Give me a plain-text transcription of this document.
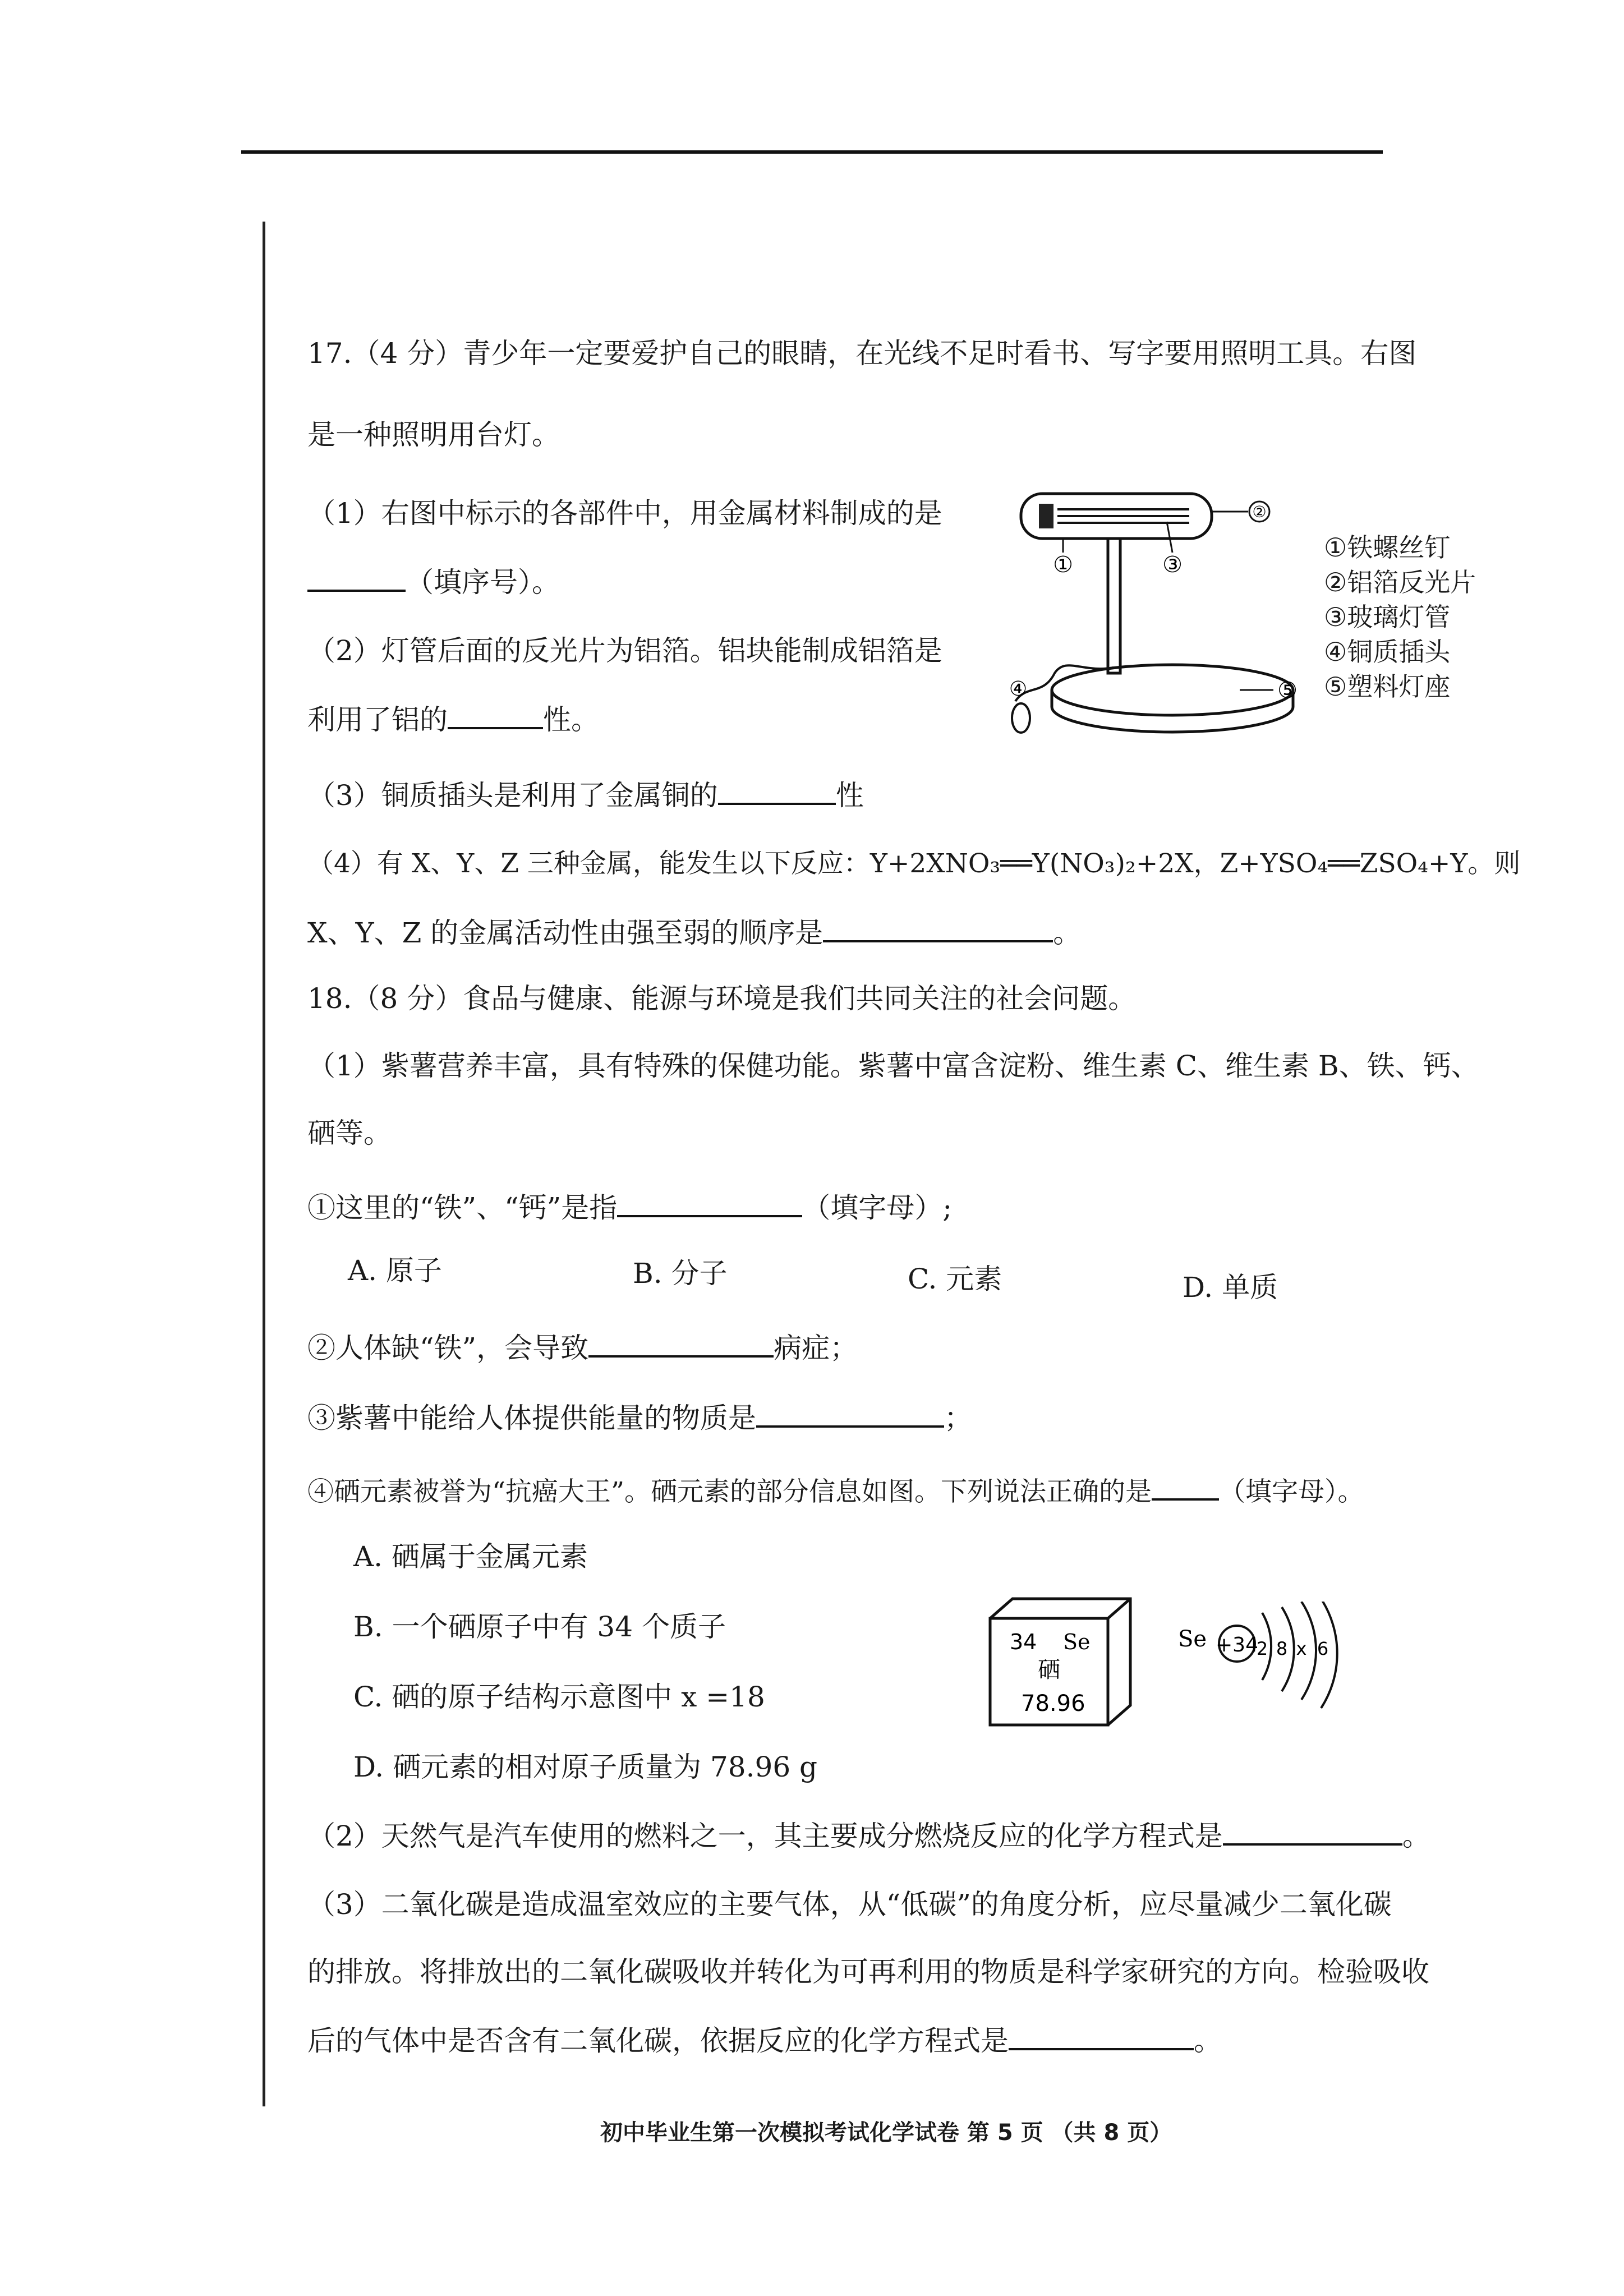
17.（4 分）青少年一定要爱护自己的眼睛，在光线不足时看书、写字要用照明工具。右图
是一种照明用台灯。
（1）右图中标示的各部件中，用金属材料制成的是
（填序号）。
（2）灯管后面的反光片为铝箔。铝块能制成铝箔是
利用了铝的	性。
（3）铜质插头是利用了金属铜的	性
（4）有 X、Y、Z 三种金属，能发生以下反应：Y+2XNO₃══Y(NO₃)₂+2X，Z+YSO₄══ZSO₄+Y。则
X、Y、Z 的金属活动性由强至弱的顺序是	。
18.（8 分）食品与健康、能源与环境是我们共同关注的社会问题。
（1）紫薯营养丰富，具有特殊的保健功能。紫薯中富含淀粉、维生素 C、维生素 B、铁、钙、
硒等。
①这里的“铁”、“钙”是指	（填字母）;
A. 原子	B. 分子	C. 元素	D. 单质
②人体缺“铁”，会导致	病症；
③紫薯中能给人体提供能量的物质是	；
④硒元素被誉为“抗癌大王”。硒元素的部分信息如图。下列说法正确的是	（填字母）。
A. 硒属于金属元素
B. 一个硒原子中有 34 个质子
C. 硒的原子结构示意图中 x =18
D. 硒元素的相对原子质量为 78.96 g
（2）天然气是汽车使用的燃料之一，其主要成分燃烧反应的化学方程式是	。
（3）二氧化碳是造成温室效应的主要气体，从“低碳”的角度分析，应尽量减少二氧化碳
的排放。将排放出的二氧化碳吸收并转化为可再利用的物质是科学家研究的方向。检验吸收
后的气体中是否含有二氧化碳，依据反应的化学方程式是	。
②
①	③
④	⑤
①铁螺丝钉
②铝箔反光片
③玻璃灯管
④铜质插头
⑤塑料灯座
34 Se
硒
78.96
Se +34
2 8 x 6
初中毕业生第一次模拟考试化学试卷 第 5 页 （共 8 页）
